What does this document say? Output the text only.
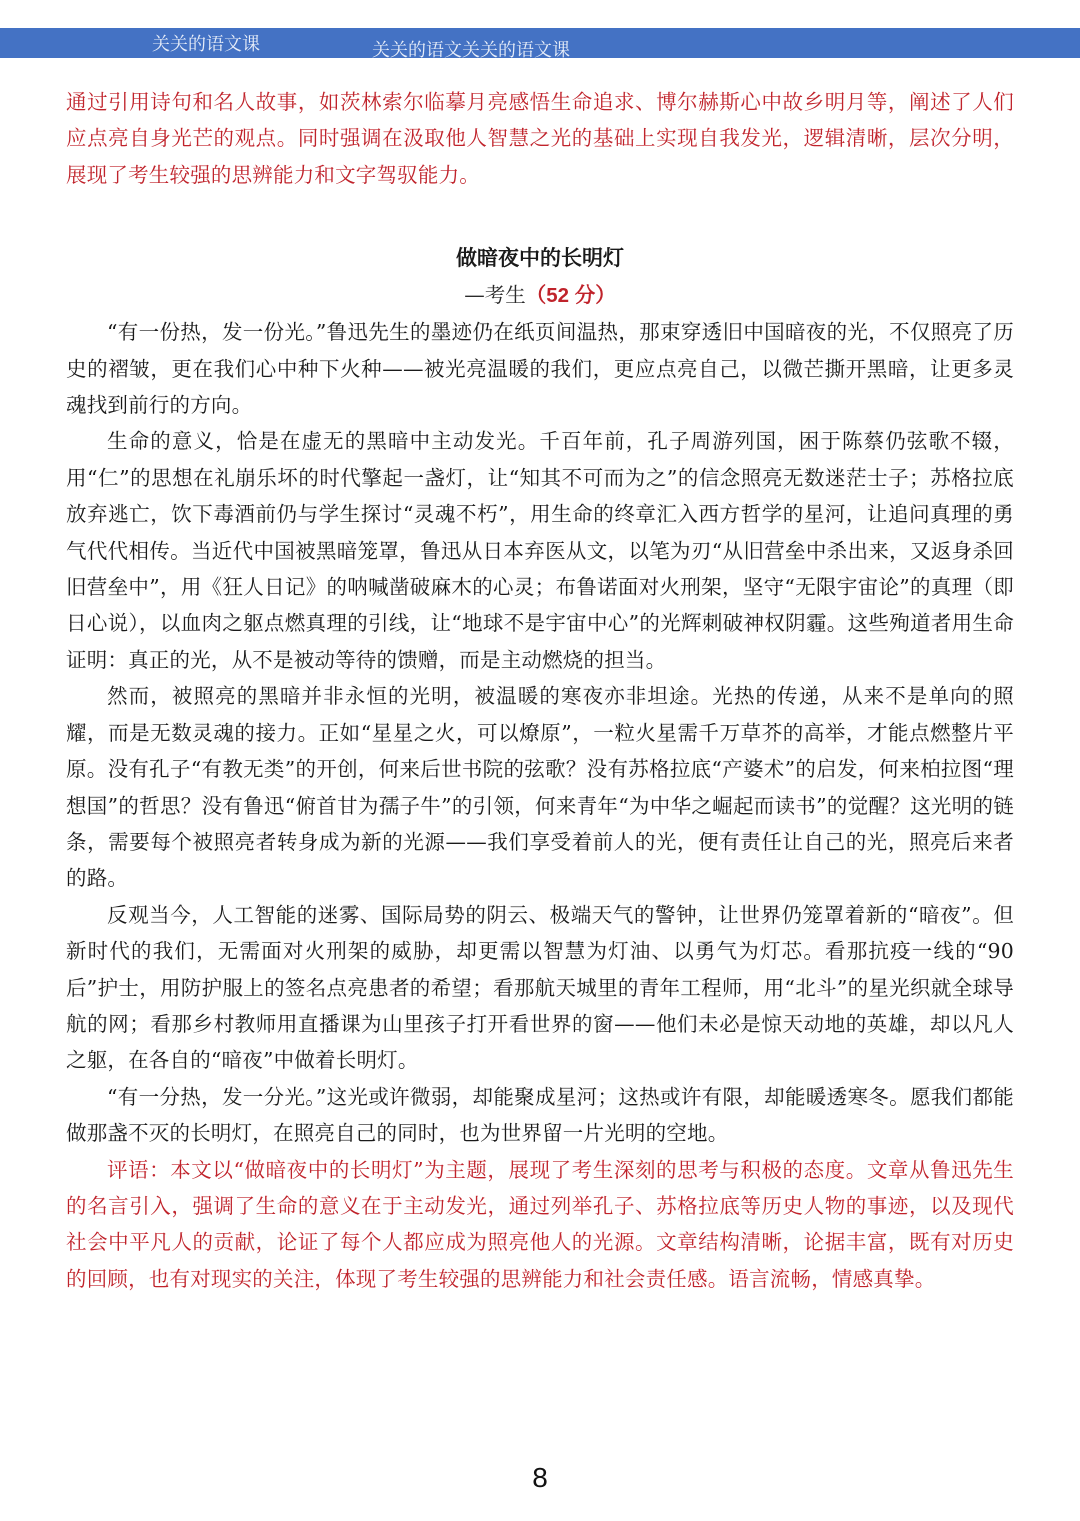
关关的语文课	关关的语文关关的语文课

通过引用诗句和名人故事，如茨林索尔临摹月亮感悟生命追求、博尔赫斯心中故乡明月等，阐述了人们应点亮自身光芒的观点。同时强调在汲取他人智慧之光的基础上实现自我发光，逻辑清晰，层次分明，展现了考生较强的思辨能力和文字驾驭能力。

做暗夜中的长明灯
—考生（52 分）

“有一份热，发一份光。”鲁迅先生的墨迹仍在纸页间温热，那束穿透旧中国暗夜的光，不仅照亮了历史的褶皱，更在我们心中种下火种——被光亮温暖的我们，更应点亮自己，以微芒撕开黑暗，让更多灵魂找到前行的方向。

生命的意义，恰是在虚无的黑暗中主动发光。千百年前，孔子周游列国，困于陈蔡仍弦歌不辍，用“仁”的思想在礼崩乐坏的时代擎起一盏灯，让“知其不可而为之”的信念照亮无数迷茫士子；苏格拉底放弃逃亡，饮下毒酒前仍与学生探讨“灵魂不朽”，用生命的终章汇入西方哲学的星河，让追问真理的勇气代代相传。当近代中国被黑暗笼罩，鲁迅从日本弃医从文，以笔为刃“从旧营垒中杀出来，又返身杀回旧营垒中”，用《狂人日记》的呐喊凿破麻木的心灵；布鲁诺面对火刑架，坚守“无限宇宙论”的真理（即日心说），以血肉之躯点燃真理的引线，让“地球不是宇宙中心”的光辉刺破神权阴霾。这些殉道者用生命证明：真正的光，从不是被动等待的馈赠，而是主动燃烧的担当。

然而，被照亮的黑暗并非永恒的光明，被温暖的寒夜亦非坦途。光热的传递，从来不是单向的照耀，而是无数灵魂的接力。正如“星星之火，可以燎原”，一粒火星需千万草芥的高举，才能点燃整片平原。没有孔子“有教无类”的开创，何来后世书院的弦歌？没有苏格拉底“产婆术”的启发，何来柏拉图“理想国”的哲思？没有鲁迅“俯首甘为孺子牛”的引领，何来青年“为中华之崛起而读书”的觉醒？这光明的链条，需要每个被照亮者转身成为新的光源——我们享受着前人的光，便有责任让自己的光，照亮后来者的路。

反观当今，人工智能的迷雾、国际局势的阴云、极端天气的警钟，让世界仍笼罩着新的“暗夜”。但新时代的我们，无需面对火刑架的威胁，却更需以智慧为灯油、以勇气为灯芯。看那抗疫一线的“90后”护士，用防护服上的签名点亮患者的希望；看那航天城里的青年工程师，用“北斗”的星光织就全球导航的网；看那乡村教师用直播课为山里孩子打开看世界的窗——他们未必是惊天动地的英雄，却以凡人之躯，在各自的“暗夜”中做着长明灯。

“有一分热，发一分光。”这光或许微弱，却能聚成星河；这热或许有限，却能暖透寒冬。愿我们都能做那盏不灭的长明灯，在照亮自己的同时，也为世界留一片光明的空地。

评语：本文以“做暗夜中的长明灯”为主题，展现了考生深刻的思考与积极的态度。文章从鲁迅先生的名言引入，强调了生命的意义在于主动发光，通过列举孔子、苏格拉底等历史人物的事迹，以及现代社会中平凡人的贡献，论证了每个人都应成为照亮他人的光源。文章结构清晰，论据丰富，既有对历史的回顾，也有对现实的关注，体现了考生较强的思辨能力和社会责任感。语言流畅，情感真挚。

8
